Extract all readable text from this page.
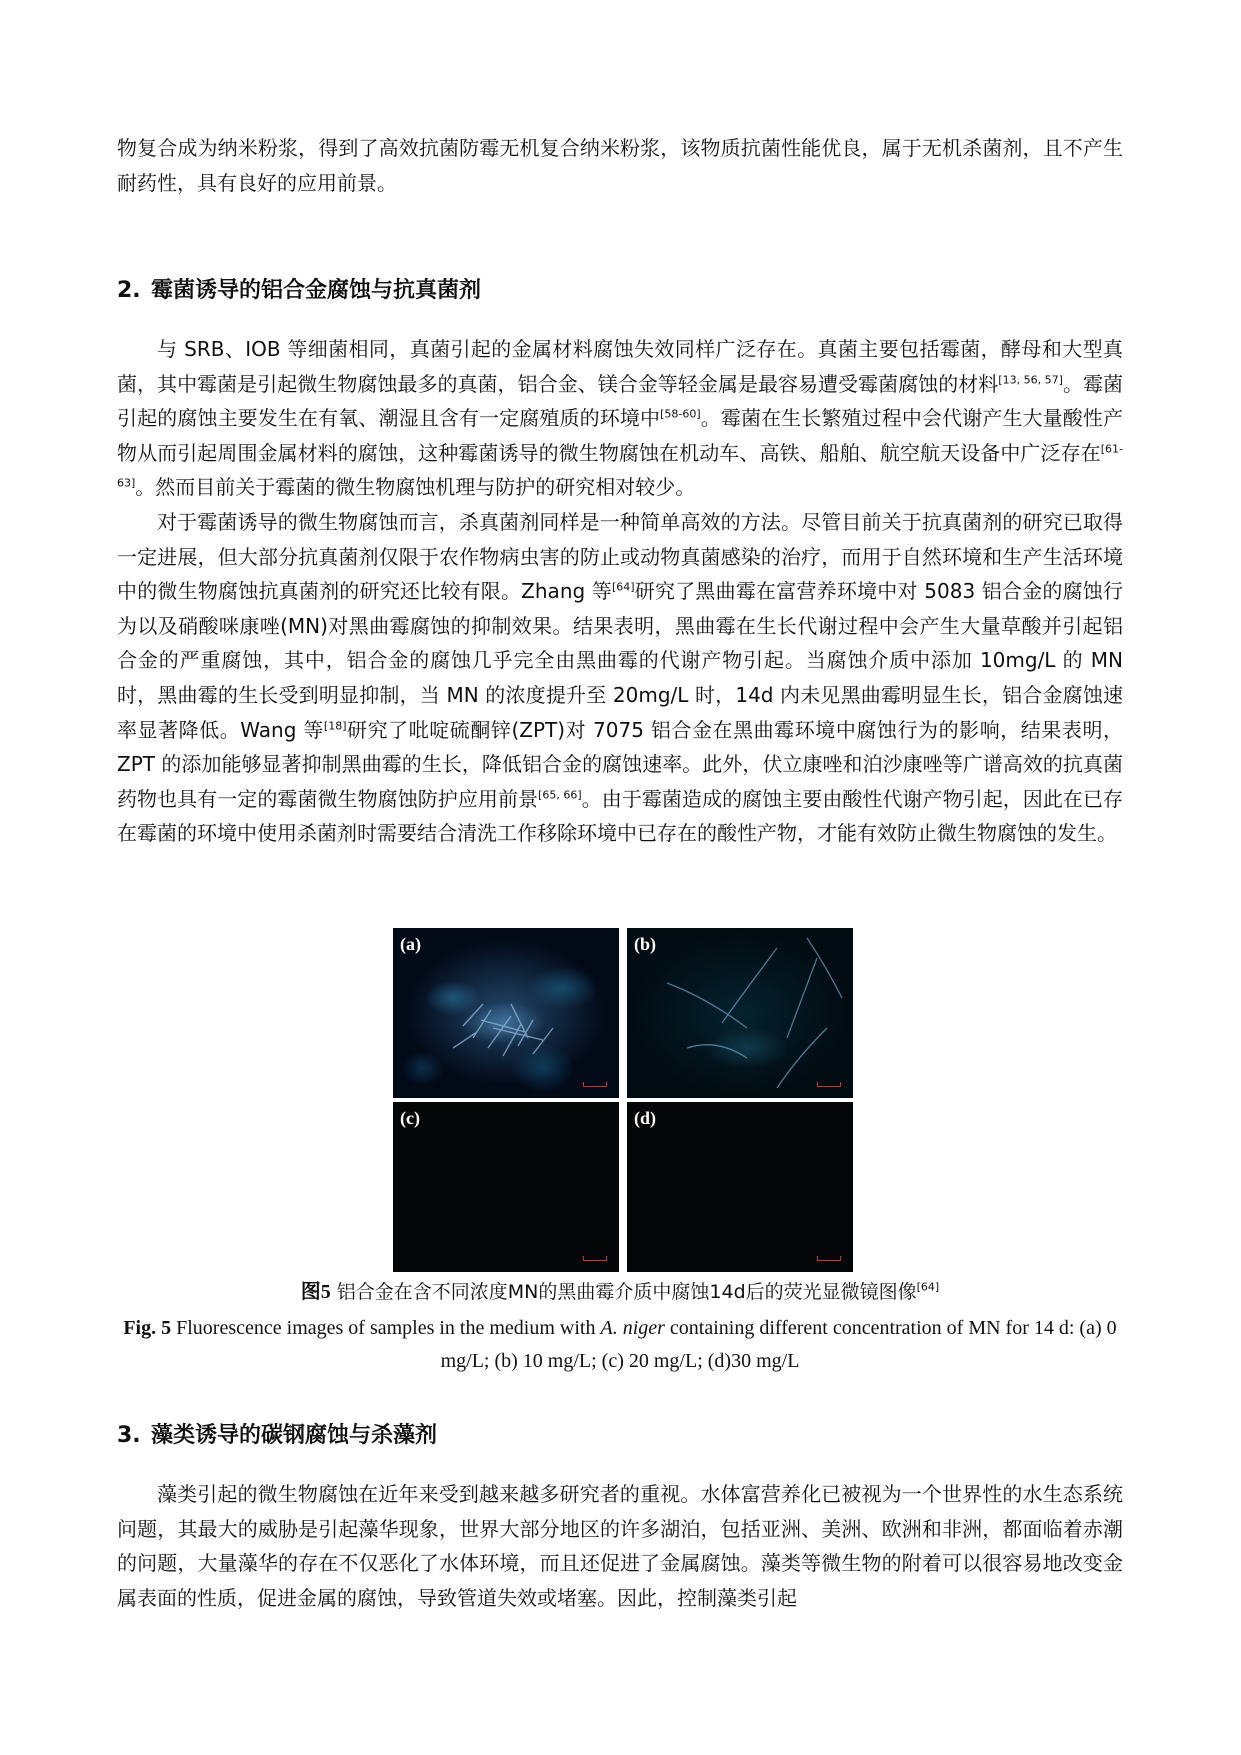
物复合成为纳米粉浆，得到了高效抗菌防霉无机复合纳米粉浆，该物质抗菌性能优良，属于无机杀菌剂，且不产生耐药性，具有良好的应用前景。

2. 霉菌诱导的铝合金腐蚀与抗真菌剂

与 SRB、IOB 等细菌相同，真菌引起的金属材料腐蚀失效同样广泛存在。真菌主要包括霉菌，酵母和大型真菌，其中霉菌是引起微生物腐蚀最多的真菌，铝合金、镁合金等轻金属是最容易遭受霉菌腐蚀的材料[13, 56, 57]。霉菌引起的腐蚀主要发生在有氧、潮湿且含有一定腐殖质的环境中[58-60]。霉菌在生长繁殖过程中会代谢产生大量酸性产物从而引起周围金属材料的腐蚀，这种霉菌诱导的微生物腐蚀在机动车、高铁、船舶、航空航天设备中广泛存在[61-63]。然而目前关于霉菌的微生物腐蚀机理与防护的研究相对较少。

对于霉菌诱导的微生物腐蚀而言，杀真菌剂同样是一种简单高效的方法。尽管目前关于抗真菌剂的研究已取得一定进展，但大部分抗真菌剂仅限于农作物病虫害的防止或动物真菌感染的治疗，而用于自然环境和生产生活环境中的微生物腐蚀抗真菌剂的研究还比较有限。Zhang 等[64]研究了黑曲霉在富营养环境中对 5083 铝合金的腐蚀行为以及硝酸咪康唑(MN)对黑曲霉腐蚀的抑制效果。结果表明，黑曲霉在生长代谢过程中会产生大量草酸并引起铝合金的严重腐蚀，其中，铝合金的腐蚀几乎完全由黑曲霉的代谢产物引起。当腐蚀介质中添加 10mg/L 的 MN 时，黑曲霉的生长受到明显抑制，当 MN 的浓度提升至 20mg/L 时，14d 内未见黑曲霉明显生长，铝合金腐蚀速率显著降低。Wang 等[18]研究了吡啶硫酮锌(ZPT)对 7075 铝合金在黑曲霉环境中腐蚀行为的影响，结果表明，ZPT 的添加能够显著抑制黑曲霉的生长，降低铝合金的腐蚀速率。此外，伏立康唑和泊沙康唑等广谱高效的抗真菌药物也具有一定的霉菌微生物腐蚀防护应用前景[65, 66]。由于霉菌造成的腐蚀主要由酸性代谢产物引起，因此在已存在霉菌的环境中使用杀菌剂时需要结合清洗工作移除环境中已存在的酸性产物，才能有效防止微生物腐蚀的发生。

(a)	(b)
(c)	(d)
图5 铝合金在含不同浓度MN的黑曲霉介质中腐蚀14d后的荧光显微镜图像[64]
Fig. 5 Fluorescence images of samples in the medium with A. niger containing different concentration of MN for 14 d: (a) 0 mg/L; (b) 10 mg/L; (c) 20 mg/L; (d)30 mg/L
3. 藻类诱导的碳钢腐蚀与杀藻剂

藻类引起的微生物腐蚀在近年来受到越来越多研究者的重视。水体富营养化已被视为一个世界性的水生态系统问题，其最大的威胁是引起藻华现象，世界大部分地区的许多湖泊，包括亚洲、美洲、欧洲和非洲，都面临着赤潮的问题，大量藻华的存在不仅恶化了水体环境，而且还促进了金属腐蚀。藻类等微生物的附着可以很容易地改变金属表面的性质，促进金属的腐蚀，导致管道失效或堵塞。因此，控制藻类引起
